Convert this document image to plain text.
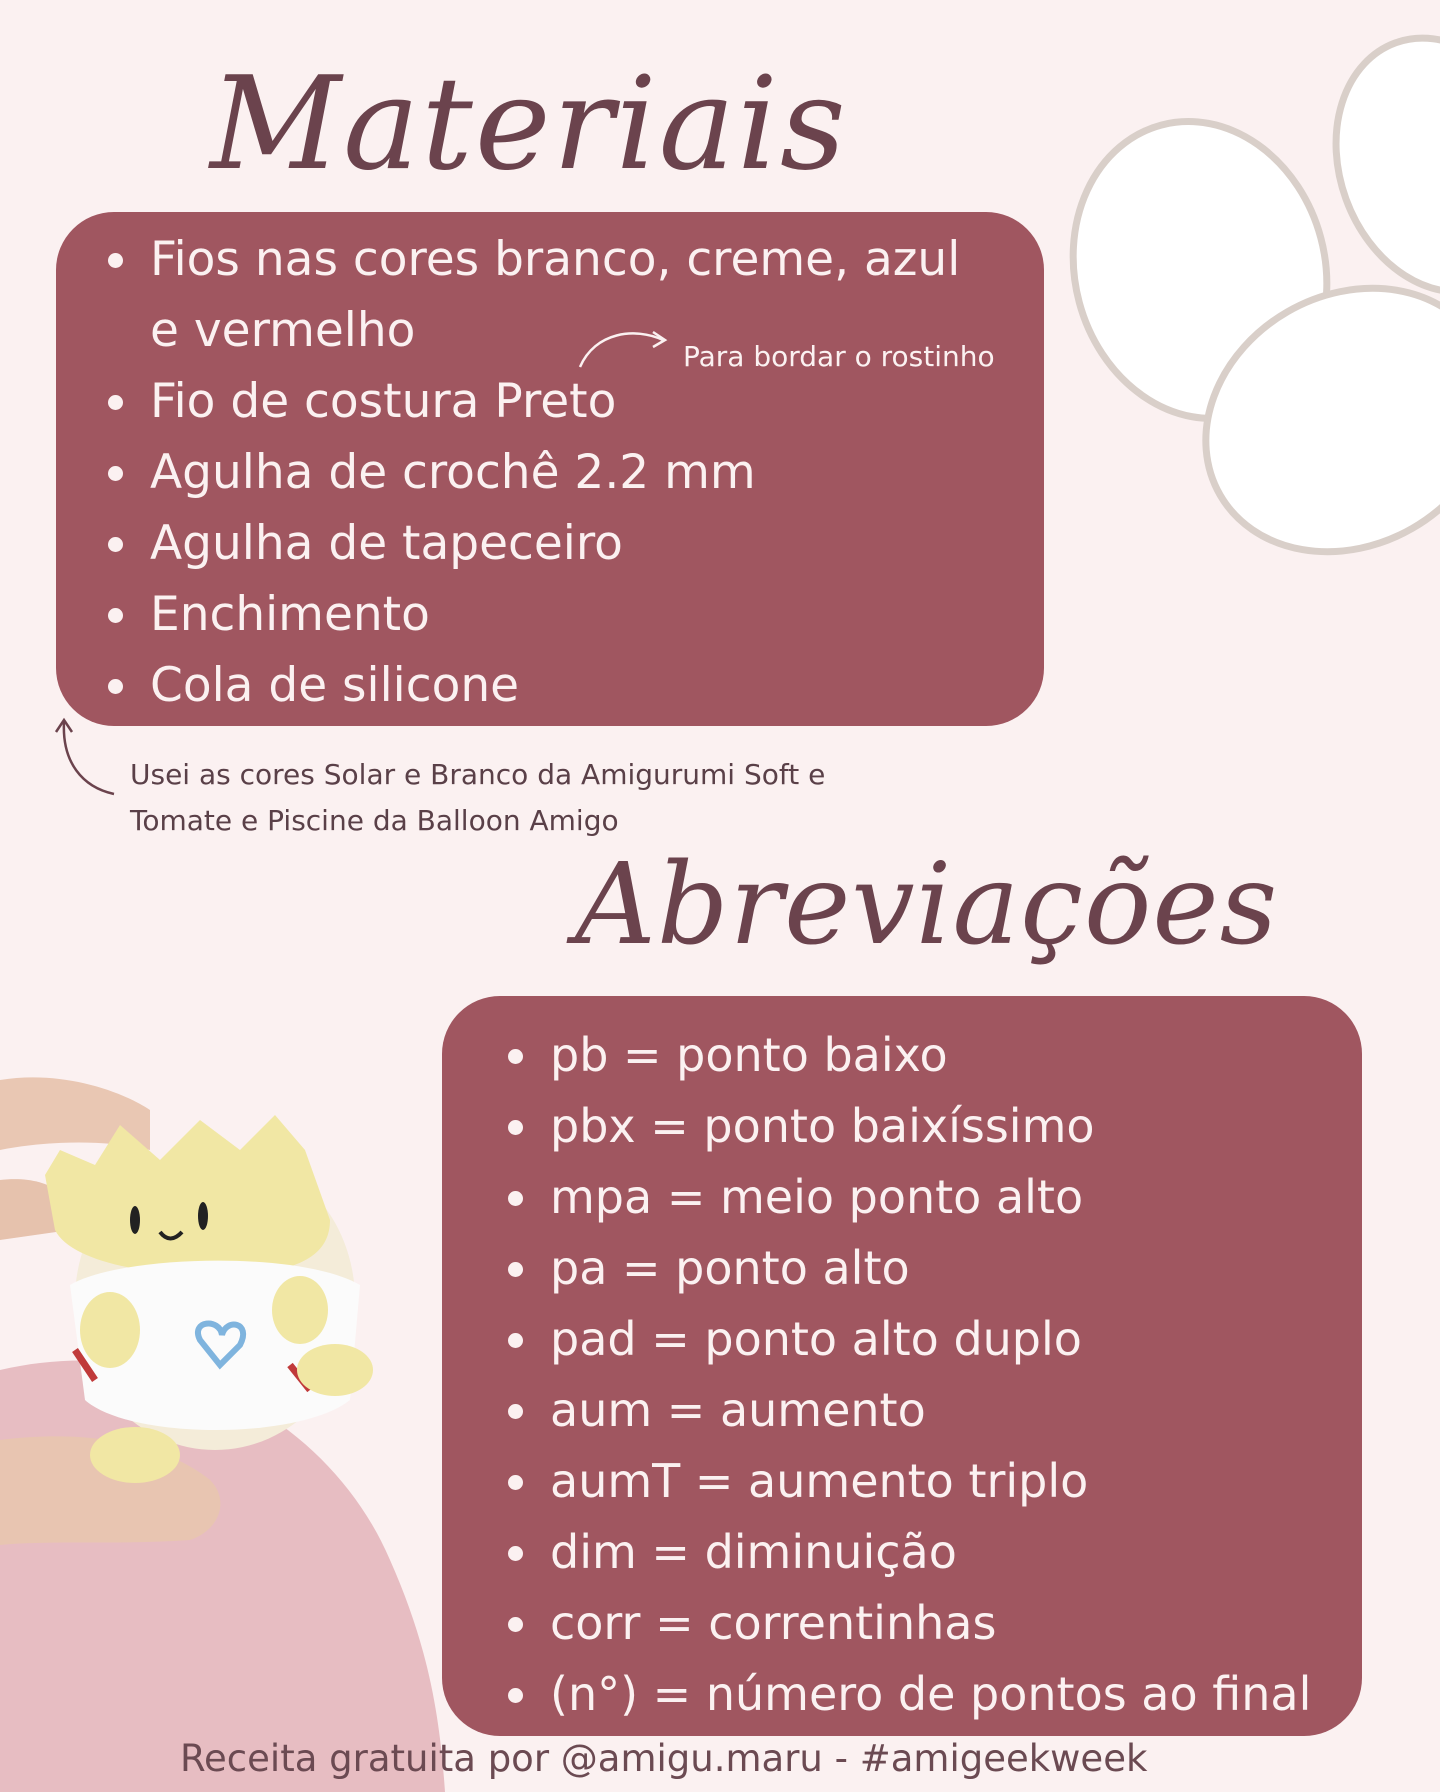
Materiais
Fios nas cores branco, creme, azul
e vermelho
Fio de costura Preto
Agulha de crochê 2.2 mm
Agulha de tapeceiro
Enchimento
Cola de silicone
Para bordar o rostinho
Usei as cores Solar e Branco da Amigurumi Soft e
Tomate e Piscine da Balloon Amigo
Abreviações
pb = ponto baixo
pbx = ponto baixíssimo
mpa = meio ponto alto
pa = ponto alto
pad = ponto alto duplo
aum = aumento
aumT = aumento triplo
dim = diminuição
corr = correntinhas
(n°) = número de pontos ao final
Receita gratuita por @amigu.maru - #amigeekweek
